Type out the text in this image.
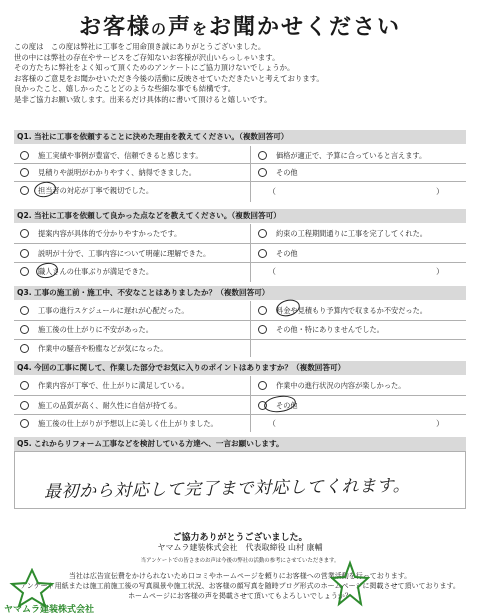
お客様の声をお聞かせください
この度は　この度は弊社に工事をご用命頂き誠にありがとうございました。
世の中には弊社の存在やサービスをご存知ないお客様が沢山いらっしゃいます。
その方たちに弊社をよく知って頂くためのアンケートにご協力頂けないでしょうか。
お客様のご意見をお聞かせいただき今後の活動に反映させていただきたいと考えております。
良かったこと、嬉しかったことどのような些細な事でも結構です。
是非ご協力お願い致します。出来るだけ具体的に書いて頂けると嬉しいです。
Q1. 当社に工事を依頼することに決めた理由を教えてください。（複数回答可）
施工実績や事例が豊富で、信頼できると感じます。
見積りや説明がわかりやすく、納得できました。
担当者の対応が丁寧で親切でした。
価格が適正で、予算に合っていると言えます。
その他
（　　　　　　　　　　　　　　　　　　　　）
Q2. 当社に工事を依頼して良かった点などを教えてください。（複数回答可）
提案内容が具体的で分かりやすかったです。
説明が十分で、工事内容について明確に理解できた。
職人さんの仕事ぶりが満足できた。
約束の工程期間通りに工事を完了してくれた。
その他
（　　　　　　　　　　　　　　　　　　　　）
Q3. 工事の施工前・施工中、不安なことはありましたか？（複数回答可）
工事の進行スケジュールに遅れが心配だった。
施工後の仕上がりに不安があった。
作業中の騒音や粉塵などが気になった。
料金や見積もり予算内で収まるか不安だった。
その他・特にありませんでした。
Q4. 今回の工事に関して、作業した部分でお気に入りのポイントはありますか？（複数回答可）
作業内容が丁寧で、仕上がりに満足している。
施工の品質が高く、耐久性に自信が持てる。
施工後の仕上がりが予想以上に美しく仕上がりました。
作業中の進行状況の内容が楽しかった。
その他
（　　　　　　　　　　　　　　　　　　　　）
Q5. これからリフォーム工事などを検討している方達へ、一言お願いします。
最初から対応して完了まで対応してくれます。
ご協力ありがとうございました。
ヤマムラ建装株式会社　代表取締役 山村 康輔
当アンケートでの皆さまのお声は今後の弊社の活動の参考にさせていただきます。
当社は広告宣伝費をかけられないため口コミやホームページを頼りにお客様への営業活動を行っております。
アンケート用紙または施工前施工後の写真風景や施工状況、お客様の顔写真を随時ブログ形式のホームページに掲載させて頂いております。
ホームページにお客様の声を掲載させて頂いてもよろしいでしょうか？
ヤマムラ建装株式会社
